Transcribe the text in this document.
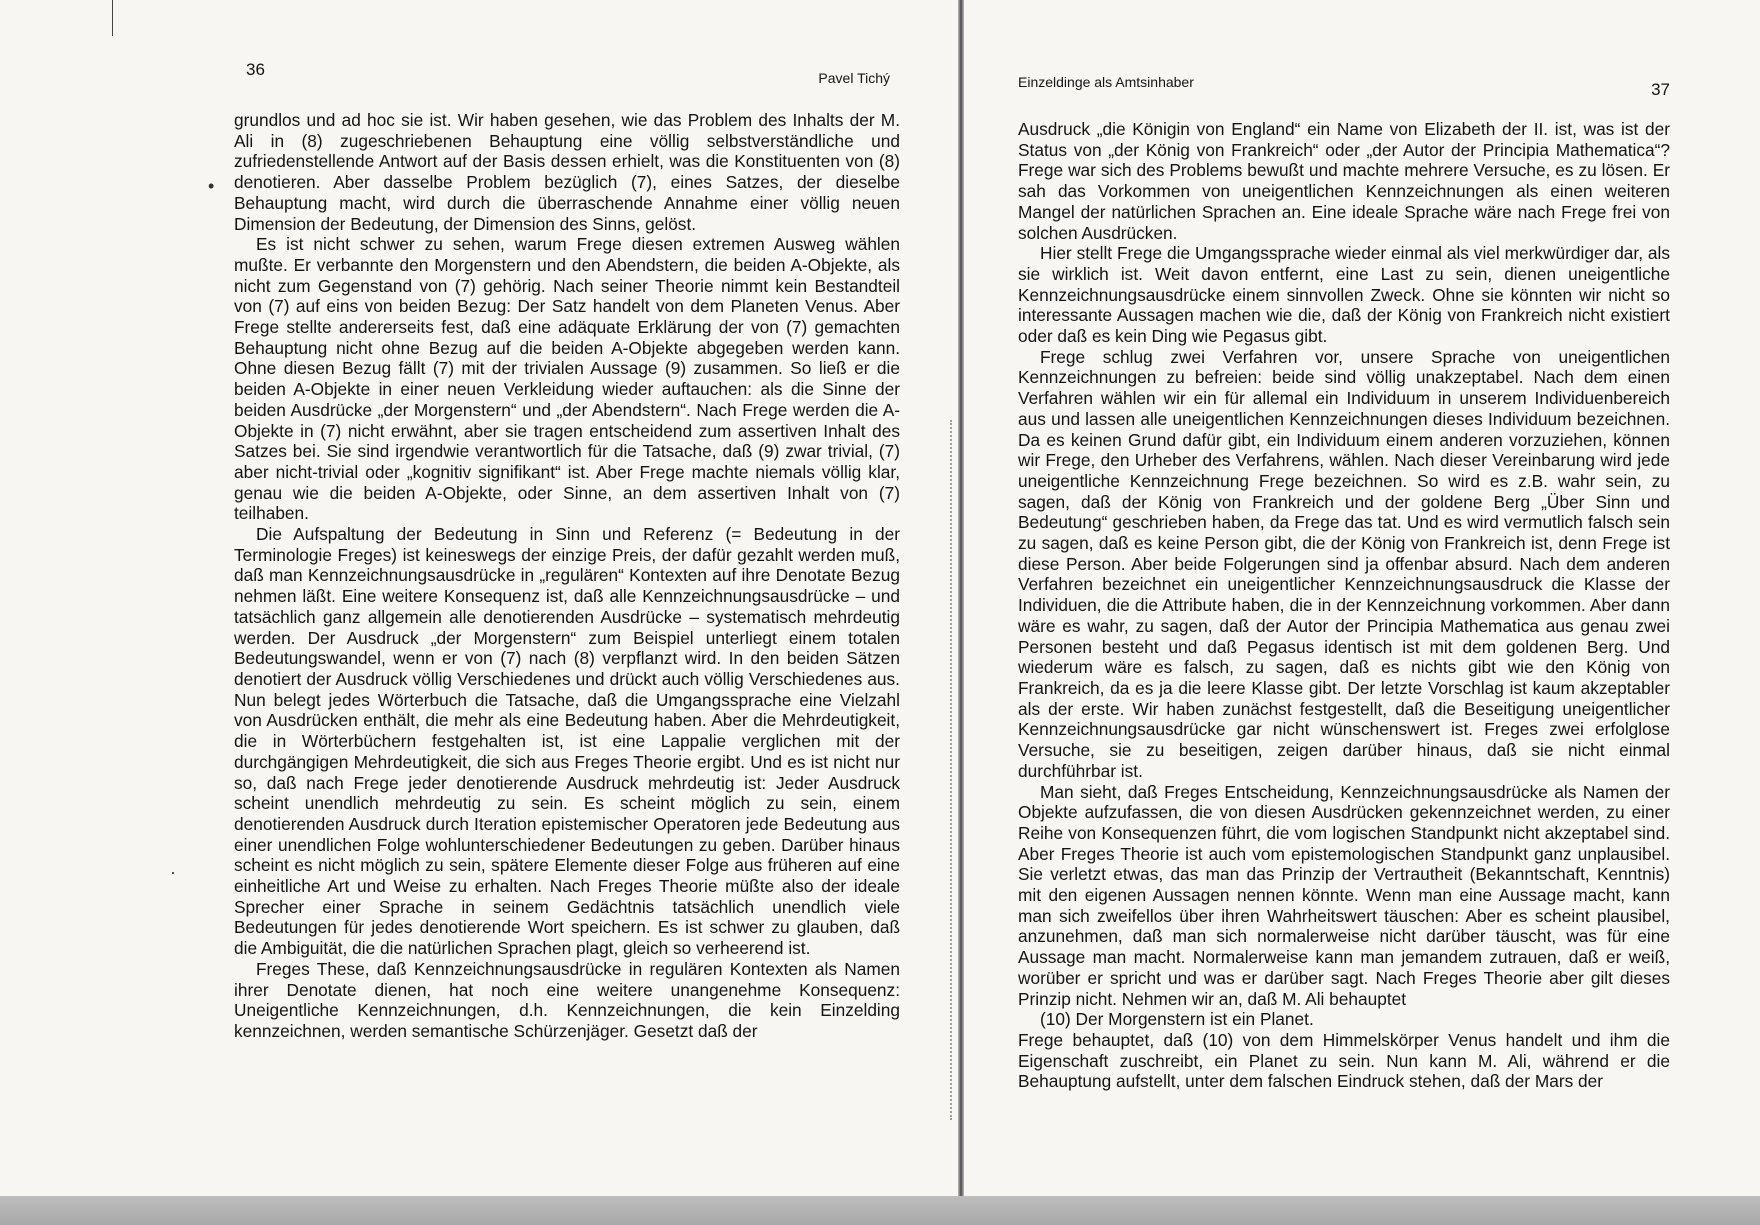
•
·
36	Pavel Tichý

grundlos und ad hoc sie ist. Wir haben gesehen, wie das Problem des Inhalts der M. Ali in (8) zugeschriebenen Behauptung eine völlig selbstverständliche und zufriedenstellende Antwort auf der Basis dessen erhielt, was die Konstituenten von (8) denotieren. Aber dasselbe Problem bezüglich (7), eines Satzes, der dieselbe Behauptung macht, wird durch die überraschende Annahme einer völlig neuen Dimension der Bedeutung, der Dimension des Sinns, gelöst.

Es ist nicht schwer zu sehen, warum Frege diesen extremen Ausweg wählen mußte. Er verbannte den Morgenstern und den Abendstern, die beiden A-Objekte, als nicht zum Gegenstand von (7) gehörig. Nach seiner Theorie nimmt kein Bestandteil von (7) auf eins von beiden Bezug: Der Satz handelt von dem Planeten Venus. Aber Frege stellte andererseits fest, daß eine adäquate Erklärung der von (7) gemachten Behauptung nicht ohne Bezug auf die beiden A-Objekte abgegeben werden kann. Ohne diesen Bezug fällt (7) mit der trivialen Aussage (9) zusammen. So ließ er die beiden A-Objekte in einer neuen Verkleidung wieder auftauchen: als die Sinne der beiden Ausdrücke „der Morgenstern“ und „der Abendstern“. Nach Frege werden die A-Objekte in (7) nicht erwähnt, aber sie tragen entscheidend zum assertiven Inhalt des Satzes bei. Sie sind irgendwie verantwortlich für die Tatsache, daß (9) zwar trivial, (7) aber nicht-trivial oder „kognitiv signifikant“ ist. Aber Frege machte niemals völlig klar, genau wie die beiden A-Objekte, oder Sinne, an dem assertiven Inhalt von (7) teilhaben.

Die Aufspaltung der Bedeutung in Sinn und Referenz (= Bedeutung in der Terminologie Freges) ist keineswegs der einzige Preis, der dafür gezahlt werden muß, daß man Kennzeichnungsausdrücke in „regulären“ Kontexten auf ihre Denotate Bezug nehmen läßt. Eine weitere Konsequenz ist, daß alle Kennzeichnungsausdrücke – und tatsächlich ganz allgemein alle denotierenden Ausdrücke – systematisch mehrdeutig werden. Der Ausdruck „der Morgenstern“ zum Beispiel unterliegt einem totalen Bedeutungswandel, wenn er von (7) nach (8) verpflanzt wird. In den beiden Sätzen denotiert der Ausdruck völlig Verschiedenes und drückt auch völlig Verschiedenes aus. Nun belegt jedes Wörterbuch die Tatsache, daß die Umgangssprache eine Vielzahl von Ausdrücken enthält, die mehr als eine Bedeutung haben. Aber die Mehrdeutigkeit, die in Wörterbüchern festgehalten ist, ist eine Lappalie verglichen mit der durchgängigen Mehrdeutigkeit, die sich aus Freges Theorie ergibt. Und es ist nicht nur so, daß nach Frege jeder denotierende Ausdruck mehrdeutig ist: Jeder Ausdruck scheint unendlich mehrdeutig zu sein. Es scheint möglich zu sein, einem denotierenden Ausdruck durch Iteration epistemischer Operatoren jede Bedeutung aus einer unendlichen Folge wohlunterschiedener Bedeutungen zu geben. Darüber hinaus scheint es nicht möglich zu sein, spätere Elemente dieser Folge aus früheren auf eine einheitliche Art und Weise zu erhalten. Nach Freges Theorie müßte also der ideale Sprecher einer Sprache in seinem Gedächtnis tatsächlich unendlich viele Bedeutungen für jedes denotierende Wort speichern. Es ist schwer zu glauben, daß die Ambiguität, die die natürlichen Sprachen plagt, gleich so verheerend ist.

Freges These, daß Kennzeichnungsausdrücke in regulären Kontexten als Namen ihrer Denotate dienen, hat noch eine weitere unangenehme Konsequenz: Uneigentliche Kennzeichnungen, d.h. Kennzeichnungen, die kein Einzelding kennzeichnen, werden semantische Schürzenjäger. Gesetzt daß der

Einzeldinge als Amtsinhaber	37

Ausdruck „die Königin von England“ ein Name von Elizabeth der II. ist, was ist der Status von „der König von Frankreich“ oder „der Autor der Principia Mathematica“? Frege war sich des Problems bewußt und machte mehrere Versuche, es zu lösen. Er sah das Vorkommen von uneigentlichen Kennzeichnungen als einen weiteren Mangel der natürlichen Sprachen an. Eine ideale Sprache wäre nach Frege frei von solchen Ausdrücken.

Hier stellt Frege die Umgangssprache wieder einmal als viel merkwürdiger dar, als sie wirklich ist. Weit davon entfernt, eine Last zu sein, dienen uneigentliche Kennzeichnungsausdrücke einem sinnvollen Zweck. Ohne sie könnten wir nicht so interessante Aussagen machen wie die, daß der König von Frankreich nicht existiert oder daß es kein Ding wie Pegasus gibt.

Frege schlug zwei Verfahren vor, unsere Sprache von uneigentlichen Kennzeichnungen zu befreien: beide sind völlig unakzeptabel. Nach dem einen Verfahren wählen wir ein für allemal ein Individuum in unserem Individuenbereich aus und lassen alle uneigentlichen Kennzeichnungen dieses Individuum bezeichnen. Da es keinen Grund dafür gibt, ein Individuum einem anderen vorzuziehen, können wir Frege, den Urheber des Verfahrens, wählen. Nach dieser Vereinbarung wird jede uneigentliche Kennzeichnung Frege bezeichnen. So wird es z.B. wahr sein, zu sagen, daß der König von Frankreich und der goldene Berg „Über Sinn und Bedeutung“ geschrieben haben, da Frege das tat. Und es wird vermutlich falsch sein zu sagen, daß es keine Person gibt, die der König von Frankreich ist, denn Frege ist diese Person. Aber beide Folgerungen sind ja offenbar absurd. Nach dem anderen Verfahren bezeichnet ein uneigentlicher Kennzeichnungsausdruck die Klasse der Individuen, die die Attribute haben, die in der Kennzeichnung vorkommen. Aber dann wäre es wahr, zu sagen, daß der Autor der Principia Mathematica aus genau zwei Personen besteht und daß Pegasus identisch ist mit dem goldenen Berg. Und wiederum wäre es falsch, zu sagen, daß es nichts gibt wie den König von Frankreich, da es ja die leere Klasse gibt. Der letzte Vorschlag ist kaum akzeptabler als der erste. Wir haben zunächst festgestellt, daß die Beseitigung uneigentlicher Kennzeichnungsausdrücke gar nicht wünschenswert ist. Freges zwei erfolglose Versuche, sie zu beseitigen, zeigen darüber hinaus, daß sie nicht einmal durchführbar ist.

Man sieht, daß Freges Entscheidung, Kennzeichnungsausdrücke als Namen der Objekte aufzufassen, die von diesen Ausdrücken gekennzeichnet werden, zu einer Reihe von Konsequenzen führt, die vom logischen Standpunkt nicht akzeptabel sind. Aber Freges Theorie ist auch vom epistemologischen Standpunkt ganz unplausibel. Sie verletzt etwas, das man das Prinzip der Vertrautheit (Bekanntschaft, Kenntnis) mit den eigenen Aussagen nennen könnte. Wenn man eine Aussage macht, kann man sich zweifellos über ihren Wahrheitswert täuschen: Aber es scheint plausibel, anzunehmen, daß man sich normalerweise nicht darüber täuscht, was für eine Aussage man macht. Normalerweise kann man jemandem zutrauen, daß er weiß, worüber er spricht und was er darüber sagt. Nach Freges Theorie aber gilt dieses Prinzip nicht. Nehmen wir an, daß M. Ali behauptet

(10) Der Morgenstern ist ein Planet.

Frege behauptet, daß (10) von dem Himmelskörper Venus handelt und ihm die Eigenschaft zuschreibt, ein Planet zu sein. Nun kann M. Ali, während er die Behauptung aufstellt, unter dem falschen Eindruck stehen, daß der Mars der
